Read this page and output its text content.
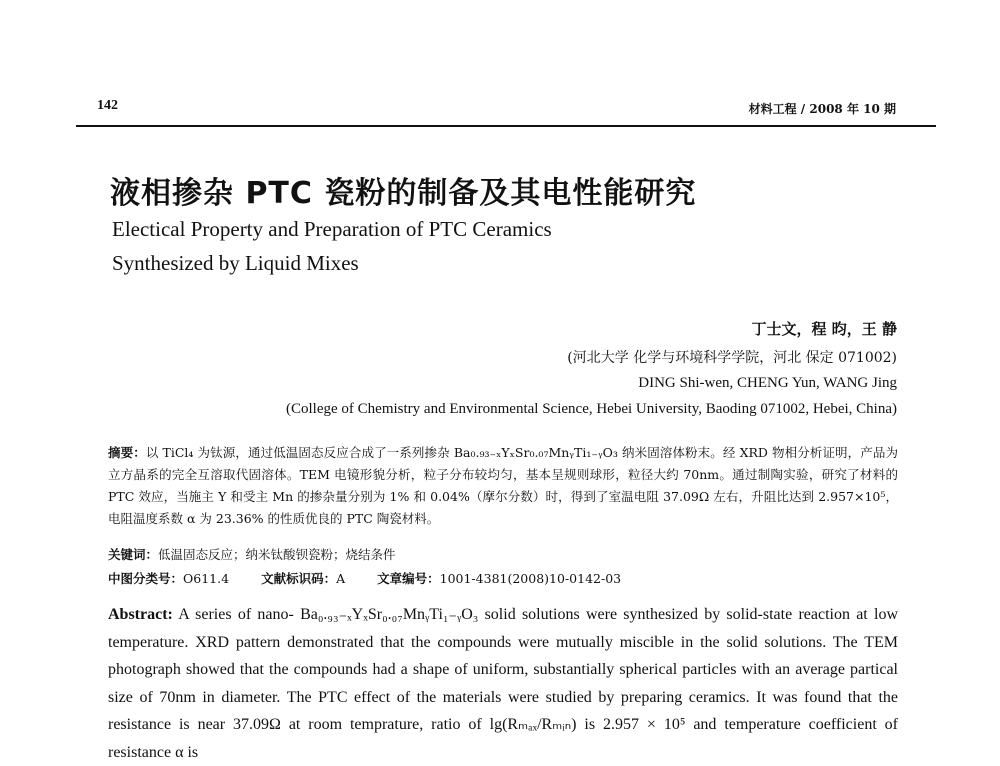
142	材料工程 / 2008 年 10 期
液相掺杂 PTC 瓷粉的制备及其电性能研究
Electical Property and Preparation of PTC Ceramics
Synthesized by Liquid Mixes
丁士文，程 昀，王 静
(河北大学 化学与环境科学学院，河北 保定 071002)
DING Shi-wen, CHENG Yun, WANG Jing
(College of Chemistry and Environmental Science, Hebei University, Baoding 071002, Hebei, China)
摘要：以 TiCl₄ 为钛源，通过低温固态反应合成了一系列掺杂 Ba₀.₉₃₋ₓYₓSr₀.₀₇MnᵧTi₁₋ᵧO₃ 纳米固溶体粉末。经 XRD 物相分析证明，产品为立方晶系的完全互溶取代固溶体。TEM 电镜形貌分析，粒子分布较均匀，基本呈规则球形，粒径大约 70nm。通过制陶实验，研究了材料的 PTC 效应，当施主 Y 和受主 Mn 的掺杂量分别为 1% 和 0.04%（摩尔分数）时，得到了室温电阻 37.09Ω 左右，升阻比达到 2.957×10⁵，电阻温度系数 α 为 23.36% 的性质优良的 PTC 陶瓷材料。
关键词：低温固态反应；纳米钛酸钡瓷粉；烧结条件
中图分类号：O611.4	文献标识码：A	文章编号：1001-4381(2008)10-0142-03
Abstract: A series of nano- Ba₀.₉₃₋ₓYₓSr₀.₀₇MnᵧTi₁₋ᵧO₃ solid solutions were synthesized by solid-state reaction at low temperature. XRD pattern demonstrated that the compounds were mutually miscible in the solid solutions. The TEM photograph showed that the compounds had a shape of uniform, substantially spherical particles with an average partical size of 70nm in diameter. The PTC effect of the materials were studied by preparing ceramics. It was found that the resistance is near 37.09Ω at room temprature, ratio of lg(Rₘₐₓ/Rₘᵢₙ) is 2.957 × 10⁵ and temperature coefficient of resistance α is
